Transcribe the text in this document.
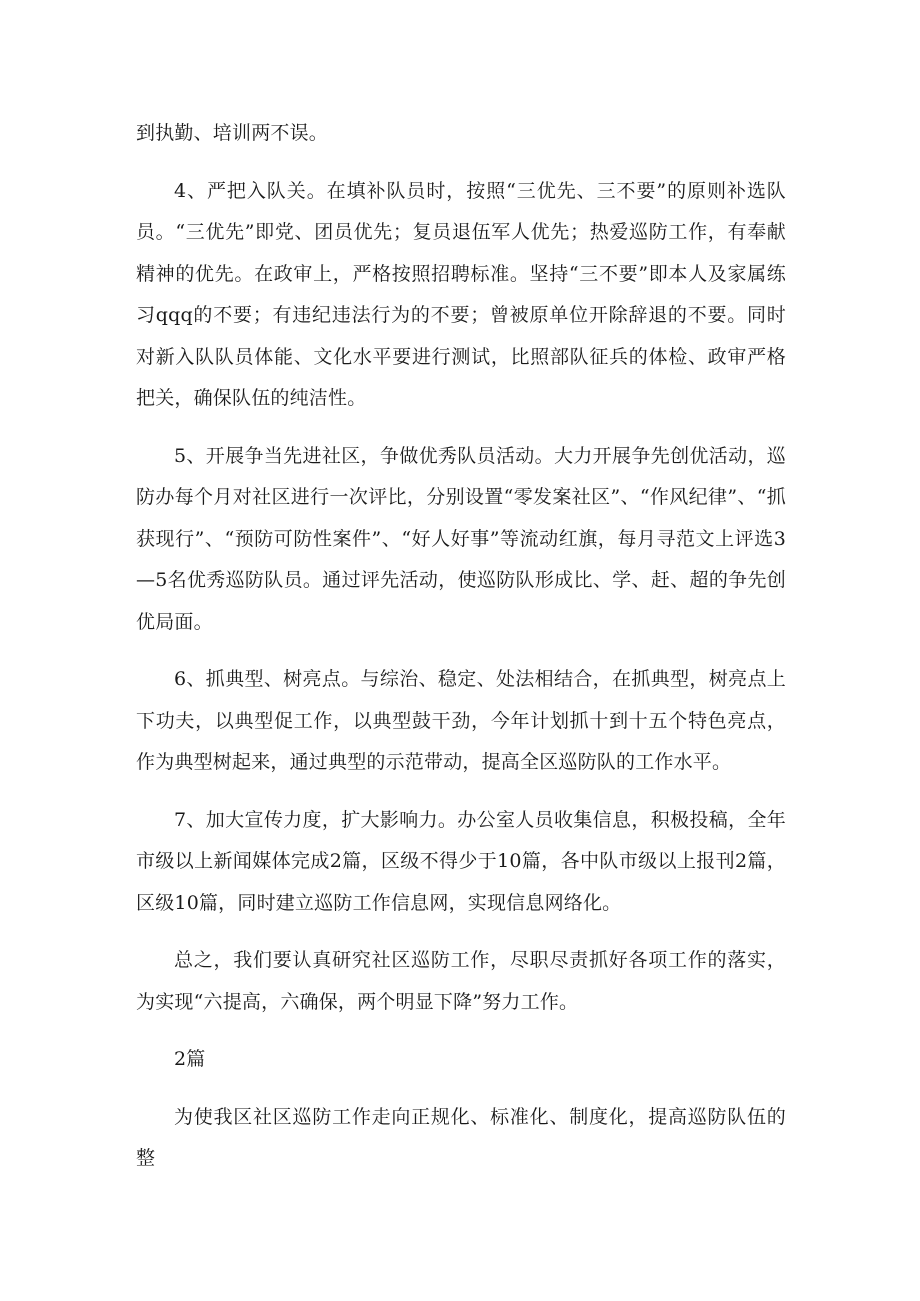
到执勤、培训两不误。

4、严把入队关。在填补队员时，按照“三优先、三不要”的原则补选队员。“三优先”即党、团员优先；复员退伍军人优先；热爱巡防工作，有奉献精神的优先。在政审上，严格按照招聘标准。坚持“三不要”即本人及家属练习qqq的不要；有违纪违法行为的不要；曾被原单位开除辞退的不要。同时对新入队队员体能、文化水平要进行测试，比照部队征兵的体检、政审严格把关，确保队伍的纯洁性。

5、开展争当先进社区，争做优秀队员活动。大力开展争先创优活动，巡防办每个月对社区进行一次评比，分别设置“零发案社区”、“作风纪律”、“抓获现行”、“预防可防性案件”、“好人好事”等流动红旗，每月寻范文上评选3—5名优秀巡防队员。通过评先活动，使巡防队形成比、学、赶、超的争先创优局面。

6、抓典型、树亮点。与综治、稳定、处法相结合，在抓典型，树亮点上下功夫，以典型促工作，以典型鼓干劲，今年计划抓十到十五个特色亮点，作为典型树起来，通过典型的示范带动，提高全区巡防队的工作水平。

7、加大宣传力度，扩大影响力。办公室人员收集信息，积极投稿，全年市级以上新闻媒体完成2篇，区级不得少于10篇，各中队市级以上报刊2篇，区级10篇，同时建立巡防工作信息网，实现信息网络化。

总之，我们要认真研究社区巡防工作，尽职尽责抓好各项工作的落实，为实现“六提高，六确保，两个明显下降”努力工作。

2篇

为使我区社区巡防工作走向正规化、标准化、制度化，提高巡防队伍的整
